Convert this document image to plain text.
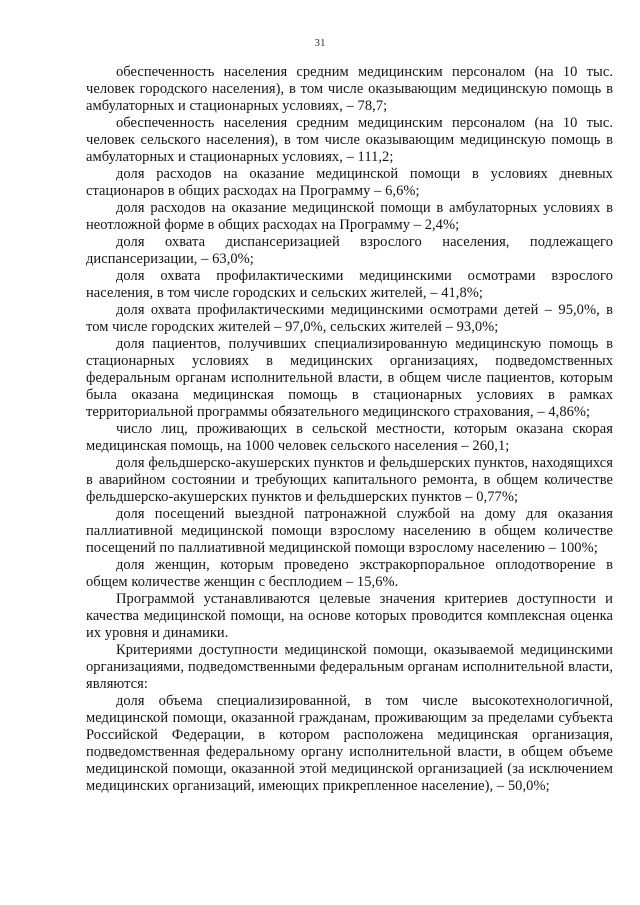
31

обеспеченность населения средним медицинским персоналом (на 10 тыс. человек городского населения), в том числе оказывающим медицинскую помощь в амбулаторных и стационарных условиях, – 78,7;

обеспеченность населения средним медицинским персоналом (на 10 тыс. человек сельского населения), в том числе оказывающим медицинскую помощь в амбулаторных и стационарных условиях, – 111,2;

доля расходов на оказание медицинской помощи в условиях дневных стационаров в общих расходах на Программу – 6,6%;

доля расходов на оказание медицинской помощи в амбулаторных условиях в неотложной форме в общих расходах на Программу – 2,4%;

доля охвата диспансеризацией взрослого населения, подлежащего диспансеризации, – 63,0%;

доля охвата профилактическими медицинскими осмотрами взрослого населения, в том числе городских и сельских жителей, – 41,8%;

доля охвата профилактическими медицинскими осмотрами детей – 95,0%, в том числе городских жителей – 97,0%, сельских жителей – 93,0%;

доля пациентов, получивших специализированную медицинскую помощь в стационарных условиях в медицинских организациях, подведомственных федеральным органам исполнительной власти, в общем числе пациентов, которым была оказана медицинская помощь в стационарных условиях в рамках территориальной программы обязательного медицинского страхования, – 4,86%;

число лиц, проживающих в сельской местности, которым оказана скорая медицинская помощь, на 1000 человек сельского населения – 260,1;

доля фельдшерско-акушерских пунктов и фельдшерских пунктов, находящихся в аварийном состоянии и требующих капитального ремонта, в общем количестве фельдшерско-акушерских пунктов и фельдшерских пунктов – 0,77%;

доля посещений выездной патронажной службой на дому для оказания паллиативной медицинской помощи взрослому населению в общем количестве посещений по паллиативной медицинской помощи взрослому населению – 100%;

доля женщин, которым проведено экстракорпоральное оплодотворение в общем количестве женщин с бесплодием – 15,6%.

Программой устанавливаются целевые значения критериев доступности и качества медицинской помощи, на основе которых проводится комплексная оценка их уровня и динамики.

Критериями доступности медицинской помощи, оказываемой медицинскими организациями, подведомственными федеральным органам исполнительной власти, являются:

доля объема специализированной, в том числе высокотехнологичной, медицинской помощи, оказанной гражданам, проживающим за пределами субъекта Российской Федерации, в котором расположена медицинская организация, подведомственная федеральному органу исполнительной власти, в общем объеме медицинской помощи, оказанной этой медицинской организацией (за исключением медицинских организаций, имеющих прикрепленное население), – 50,0%;
